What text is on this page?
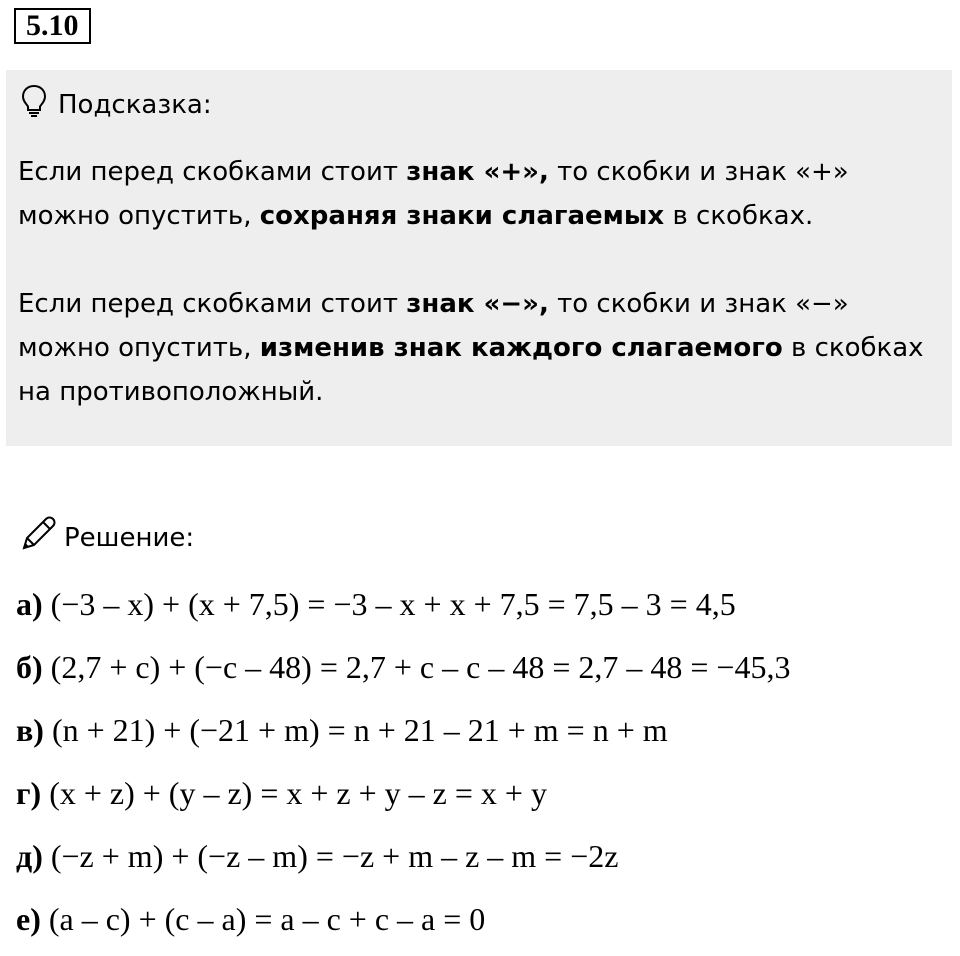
5.10
Подсказка:

Если перед скобками стоит знак «+», то скобки и знак «+» можно опустить, сохраняя знаки слагаемых в скобках.

Если перед скобками стоит знак «−», то скобки и знак «−» можно опустить, изменив знак каждого слагаемого в скобках на противоположный.

Решение:
а) (−3 – x) + (x + 7,5) = −3 – x + x + 7,5 = 7,5 – 3 = 4,5
б) (2,7 + c) + (−c – 48) = 2,7 + c – c – 48 = 2,7 – 48 = −45,3
в) (n + 21) + (−21 + m) = n + 21 – 21 + m = n + m
г) (x + z) + (y – z) = x + z + y – z = x + y
д) (−z + m) + (−z – m) = −z + m – z – m = −2z
е) (a – c) + (c – a) = a – c + c – a = 0
